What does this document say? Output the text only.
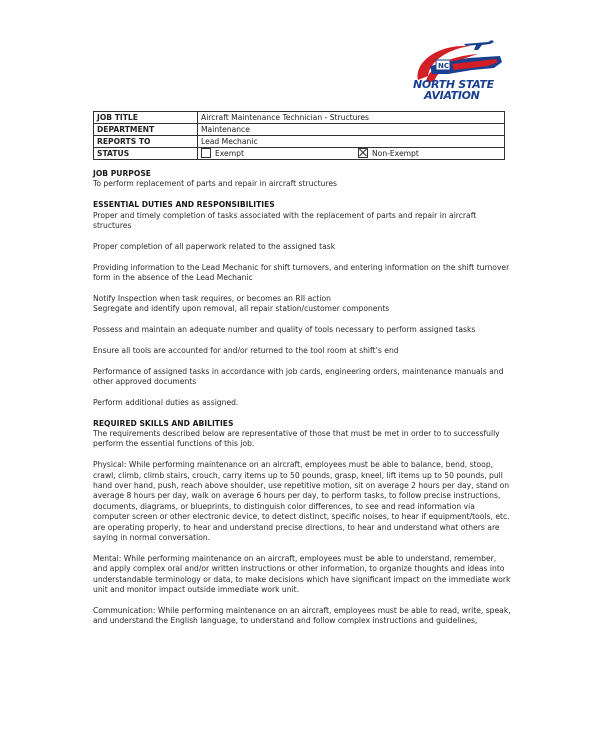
NC
NORTH STATE
AVIATION
JOB TITLE	Aircraft Maintenance Technician - Structures
DEPARTMENT	Maintenance
REPORTS TO	Lead Mechanic
STATUS	Exempt Non-Exempt

JOB PURPOSE

To perform replacement of parts and repair in aircraft structures

ESSENTIAL DUTIES AND RESPONSIBILITIES

Proper and timely completion of tasks associated with the replacement of parts and repair in aircraft structures

Proper completion of all paperwork related to the assigned task

Providing information to the Lead Mechanic for shift turnovers, and entering information on the shift turnover form in the absence of the Lead Mechanic

Notify Inspection when task requires, or becomes an RII action

Segregate and identify upon removal, all repair station/customer components

Possess and maintain an adequate number and quality of tools necessary to perform assigned tasks

Ensure all tools are accounted for and/or returned to the tool room at shift’s end

Performance of assigned tasks in accordance with job cards, engineering orders, maintenance manuals and other approved documents

Perform additional duties as assigned.

REQUIRED SKILLS AND ABILITIES

The requirements described below are representative of those that must be met in order to to successfully perform the essential functions of this job.

Physical: While performing maintenance on an aircraft, employees must be able to balance, bend, stoop, crawl, climb, climb stairs, crouch, carry items up to 50 pounds, grasp, kneel, lift items up to 50 pounds, pull hand over hand, push, reach above shoulder, use repetitive motion, sit on average 2 hours per day, stand on average 8 hours per day, walk on average 6 hours per day, to perform tasks, to follow precise instructions, documents, diagrams, or blueprints, to distinguish color differences, to see and read information via computer screen or other electronic device, to detect distinct, specific noises, to hear if equipment/tools, etc. are operating properly, to hear and understand precise directions, to hear and understand what others are saying in normal conversation.

Mental: While performing maintenance on an aircraft, employees must be able to understand, remember, and apply complex oral and/or written instructions or other information, to organize thoughts and ideas into understandable terminology or data, to make decisions which have significant impact on the immediate work unit and monitor impact outside immediate work unit.

Communication: While performing maintenance on an aircraft, employees must be able to read, write, speak, and understand the English language, to understand and follow complex instructions and guidelines,
